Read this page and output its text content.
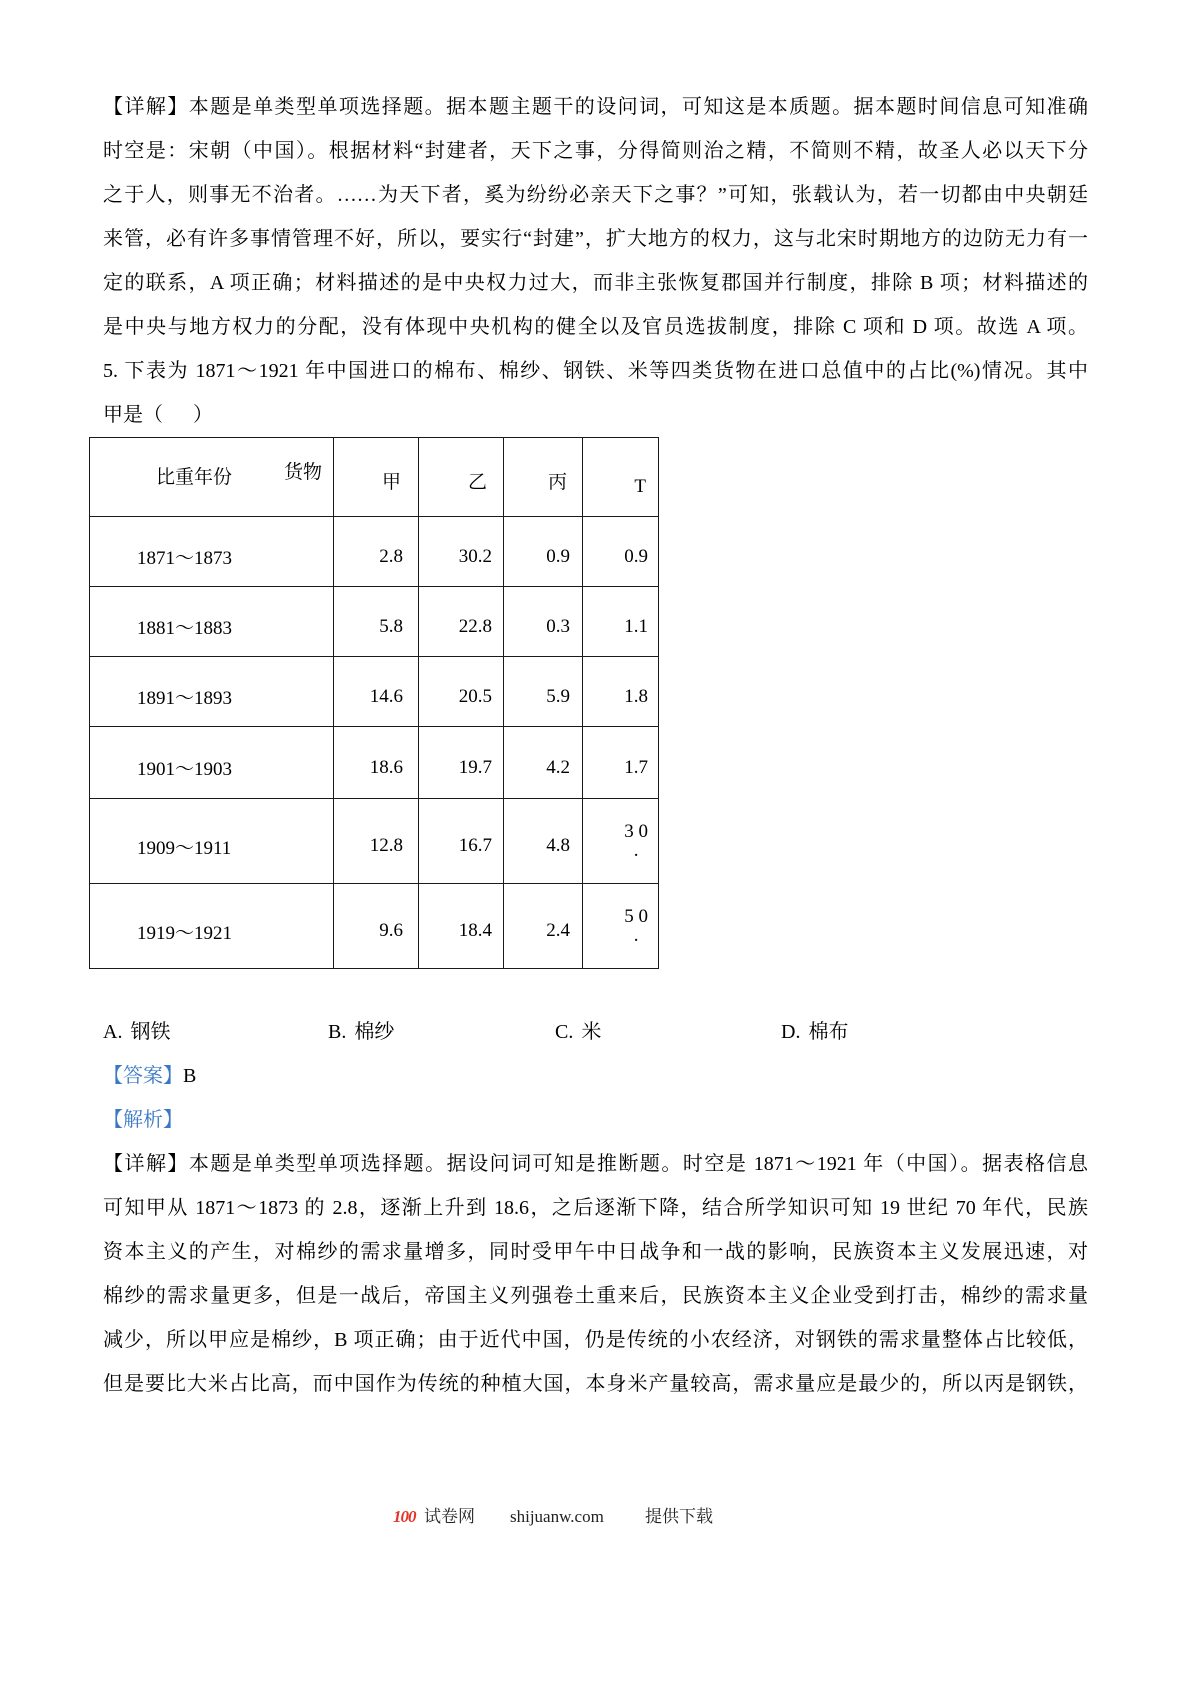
【详解】本题是单类型单项选择题。据本题主题干的设问词，可知这是本质题。据本题时间信息可知准确
时空是：宋朝（中国）。根据材料“封建者，天下之事，分得简则治之精，不简则不精，故圣人必以天下分
之于人，则事无不治者。……为天下者，奚为纷纷必亲天下之事？”可知，张载认为，若一切都由中央朝廷
来管，必有许多事情管理不好，所以，要实行“封建”，扩大地方的权力，这与北宋时期地方的边防无力有一
定的联系，A 项正确；材料描述的是中央权力过大，而非主张恢复郡国并行制度，排除 B 项；材料描述的
是中央与地方权力的分配，没有体现中央机构的健全以及官员选拔制度，排除 C 项和 D 项。故选 A 项。
5. 下表为 1871～1921 年中国进口的棉布、棉纱、钢铁、米等四类货物在进口总值中的占比(%)情况。其中
甲是（      ）
比重年份 货物	甲	乙	丙	T

1871～1873	2.8	30.2	0.9	0.9
1881～1883	5.8	22.8	0.3	1.1
1891～1893	14.6	20.5	5.9	1.8
1901～1903	18.6	19.7	4.2	1.7
1909～1911	12.8	16.7	4.8	3 0
.

1919～1921	9.6	18.4	2.4	5 0
.
A. 钢铁	B. 棉纱	C. 米	D. 棉布
【答案】B
【解析】
【详解】本题是单类型单项选择题。据设问词可知是推断题。时空是 1871～1921 年（中国）。据表格信息
可知甲从 1871～1873 的 2.8，逐渐上升到 18.6，之后逐渐下降，结合所学知识可知 19 世纪 70 年代，民族
资本主义的产生，对棉纱的需求量增多，同时受甲午中日战争和一战的影响，民族资本主义发展迅速，对
棉纱的需求量更多，但是一战后，帝国主义列强卷土重来后，民族资本主义企业受到打击，棉纱的需求量
减少，所以甲应是棉纱，B 项正确；由于近代中国，仍是传统的小农经济，对钢铁的需求量整体占比较低，
但是要比大米占比高，而中国作为传统的种植大国，本身米产量较高，需求量应是最少的，所以丙是钢铁，
100 试卷网 shijuanw.com 提供下载
